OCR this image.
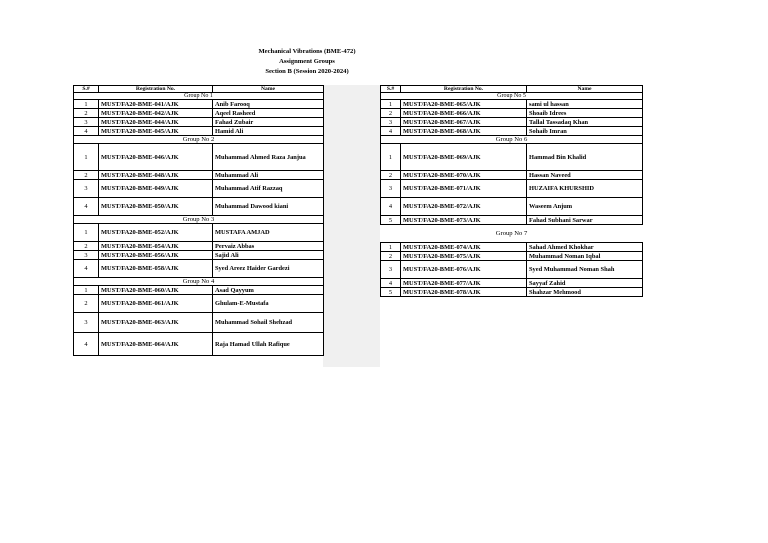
Mechanical Vibrations (BME-472)
Assignment Groups
Section B (Session 2020-2024)
S.#	Registration No.	Name
Group No 1		
1	MUST/FA20-BME-041/AJK	Anib Farooq
2	MUST/FA20-BME-042/AJK	Aqeel Rasheed
3	MUST/FA20-BME-044/AJK	Fahad Zubair
4	MUST/FA20-BME-045/AJK	Hamid Ali
Group No 2		
1	MUST/FA20-BME-046/AJK	Muhammad Ahmed Raza Janjua
2	MUST/FA20-BME-048/AJK	Muhammad Ali
3	MUST/FA20-BME-049/AJK	Muhammad Atif Razzaq
4	MUST/FA20-BME-050/AJK	Muhammad Dawood kiani
Group No 3		
1	MUST/FA20-BME-052/AJK	MUSTAFA AMJAD
2	MUST/FA20-BME-054/AJK	Pervaiz Abbas
3	MUST/FA20-BME-056/AJK	Sajid Ali
4	MUST/FA20-BME-058/AJK	Syed Areez Haider Gardezi
Group No 4		
1	MUST/FA20-BME-060/AJK	Asad Qayyum
2	MUST/FA20-BME-061/AJK	Ghulam-E-Mustafa
3	MUST/FA20-BME-063/AJK	Muhammad Sohail Shehzad
4	MUST/FA20-BME-064/AJK	Raja Hamad Ullah Rafique
S.#	Registration No.	Name
Group No 5		
1	MUST/FA20-BME-065/AJK	sami ul hassan
2	MUST/FA20-BME-066/AJK	Shoaib Idrees
3	MUST/FA20-BME-067/AJK	Tallal Tassadaq Khan
4	MUST/FA20-BME-068/AJK	Sohaib Imran
Group No 6		
1	MUST/FA20-BME-069/AJK	Hammad Bin Khalid
2	MUST/FA20-BME-070/AJK	Hassan Naveed
3	MUST/FA20-BME-071/AJK	HUZAIFA KHURSHID
4	MUST/FA20-BME-072/AJK	Waseem Anjum
5	MUST/FA20-BME-073/AJK	Fahad Subhani Sarwar
Group No 7		
1	MUST/FA20-BME-074/AJK	Sahad Ahmed Khokhar
2	MUST/FA20-BME-075/AJK	Muhammad Noman Iqbal
3	MUST/FA20-BME-076/AJK	Syed Muhammad Noman Shah
4	MUST/FA20-BME-077/AJK	Sayyaf Zahid
5	MUST/FA20-BME-078/AJK	Shahzar Mehmood
